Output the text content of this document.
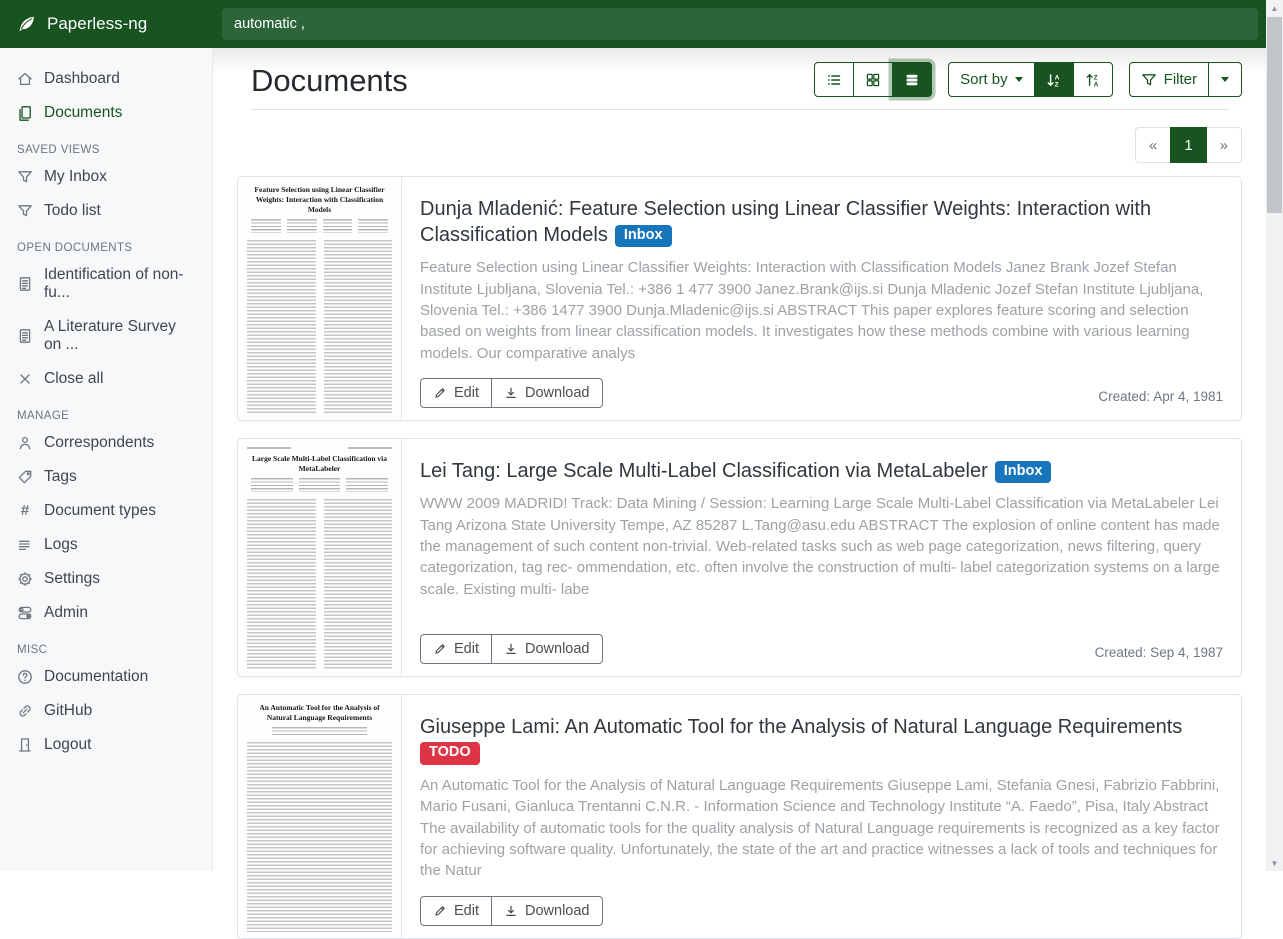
Paperless-ng
automatic ,
Dashboard
Documents
SAVED VIEWS
My Inbox
Todo list
OPEN DOCUMENTS
Identification of non-fu...
A Literature Survey on ...
Close all
MANAGE
Correspondents
Tags
# Document types
Logs
Settings
Admin
MISC
Documentation
GitHub
Logout
Documents	Sort by	Filter
«	1	»
Feature Selection using Linear Classifier Weights: Interaction with Classification Models	Dunja Mladenić: Feature Selection using Linear Classifier Weights: Interaction with Classification Models Inbox

Feature Selection using Linear Classifier Weights: Interaction with Classification Models Janez Brank Jozef Stefan Institute Ljubljana, Slovenia Tel.: +386 1 477 3900 Janez.Brank@ijs.si Dunja Mladenic Jozef Stefan Institute Ljubljana, Slovenia Tel.: +386 1477 3900 Dunja.Mladenic@ijs.si ABSTRACT This paper explores feature scoring and selection based on weights from linear classification models. It investigates how these methods combine with various learning models. Our comparative analys

Edit	Download	Created: Apr 4, 1981
Large Scale Multi-Label Classification via MetaLabeler	Lei Tang: Large Scale Multi-Label Classification via MetaLabeler Inbox

WWW 2009 MADRID! Track: Data Mining / Session: Learning Large Scale Multi-Label Classification via MetaLabeler Lei Tang Arizona State University Tempe, AZ 85287 L.Tang@asu.edu ABSTRACT The explosion of online content has made the management of such content non-trivial. Web-related tasks such as web page categorization, news filtering, query categorization, tag rec- ommendation, etc. often involve the construction of multi- label categorization systems on a large scale. Existing multi- labe

Edit	Download	Created: Sep 4, 1987
An Automatic Tool for the Analysis of Natural Language Requirements	Giuseppe Lami: An Automatic Tool for the Analysis of Natural Language Requirements TODO

An Automatic Tool for the Analysis of Natural Language Requirements Giuseppe Lami, Stefania Gnesi, Fabrizio Fabbrini, Mario Fusani, Gianluca Trentanni C.N.R. - Information Science and Technology Institute “A. Faedo”, Pisa, Italy Abstract The availability of automatic tools for the quality analysis of Natural Language requirements is recognized as a key factor for achieving software quality. Unfortunately, the state of the art and practice witnesses a lack of tools and techniques for the Natur

Edit	Download
▲
▼
